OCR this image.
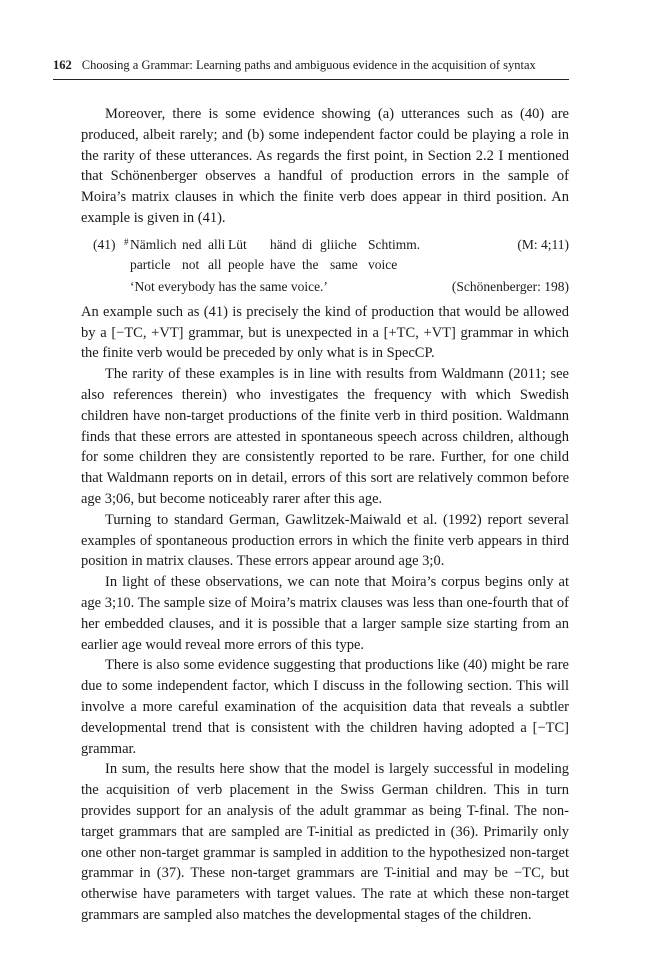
162 Choosing a Grammar: Learning paths and ambiguous evidence in the acquisition of syntax

Moreover, there is some evidence showing (a) utterances such as (40) are produced, albeit rarely; and (b) some independent factor could be playing a role in the rarity of these utterances. As regards the first point, in Section 2.2 I mentioned that Schönenberger observes a handful of production errors in the sample of Moira’s matrix clauses in which the finite verb does appear in third position. An example is given in (41).

(41) # Nämlich ned alli Lüt händ di gliiche Schtimm.	(M: 4;11)
particle not all people have the same voice
‘Not everybody has the same voice.’	(Schönenberger: 198)

An example such as (41) is precisely the kind of production that would be allowed by a [−TC, +VT] grammar, but is unexpected in a [+TC, +VT] grammar in which the finite verb would be preceded by only what is in SpecCP.

The rarity of these examples is in line with results from Waldmann (2011; see also references therein) who investigates the frequency with which Swedish children have non-target productions of the finite verb in third position. Waldmann finds that these errors are attested in spontaneous speech across children, although for some children they are consistently reported to be rare. Further, for one child that Waldmann reports on in detail, errors of this sort are relatively common before age 3;06, but become noticeably rarer after this age.

Turning to standard German, Gawlitzek-Maiwald et al. (1992) report several examples of spontaneous production errors in which the finite verb appears in third position in matrix clauses. These errors appear around age 3;0.

In light of these observations, we can note that Moira’s corpus begins only at age 3;10. The sample size of Moira’s matrix clauses was less than one-fourth that of her embedded clauses, and it is possible that a larger sample size starting from an earlier age would reveal more errors of this type.

There is also some evidence suggesting that productions like (40) might be rare due to some independent factor, which I discuss in the following section. This will involve a more careful examination of the acquisition data that reveals a subtler developmental trend that is consistent with the children having adopted a [−TC] grammar.

In sum, the results here show that the model is largely successful in modeling the acquisition of verb placement in the Swiss German children. This in turn provides support for an analysis of the adult grammar as being T-final. The non-target grammars that are sampled are T-initial as predicted in (36). Primarily only one other non-target grammar is sampled in addition to the hypothesized non-target grammar in (37). These non-target grammars are T-initial and may be −TC, but otherwise have parameters with target values. The rate at which these non-target grammars are sampled also matches the developmental stages of the children.
